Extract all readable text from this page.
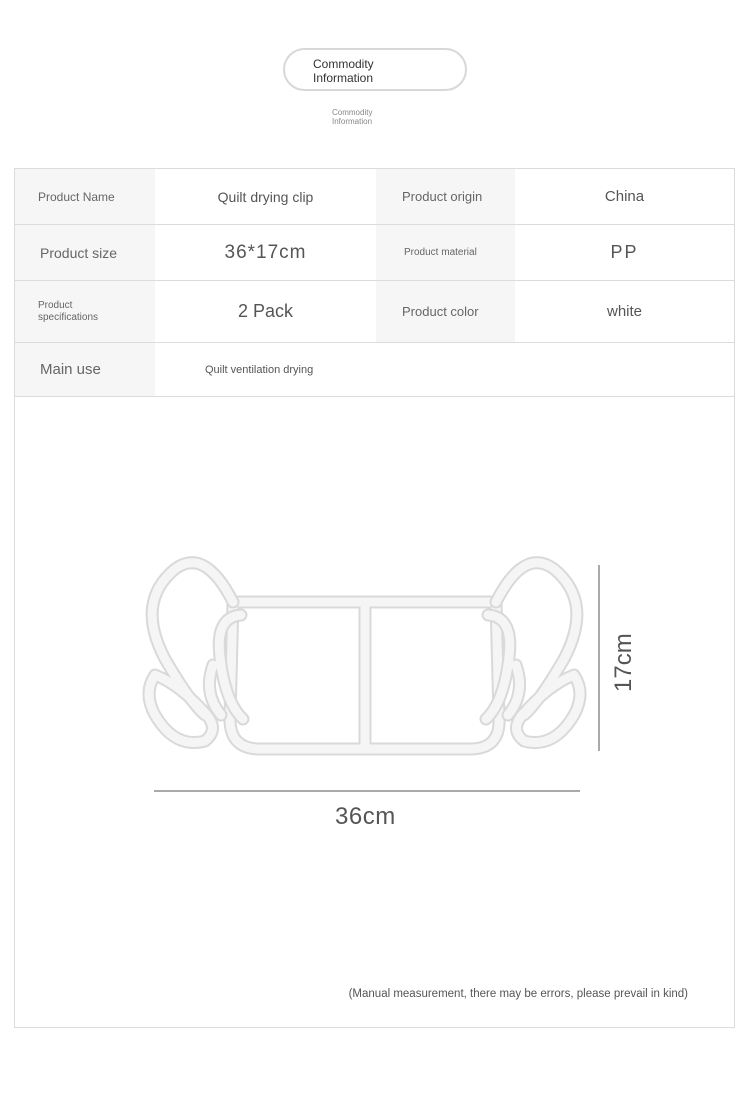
Commodity Information
Commodity Information
Product Name	Quilt drying clip	Product origin	China
Product size	36*17cm	Product material	PP
Product specifications	2 Pack	Product color	white
Main use	Quilt ventilation drying
36cm
17cm
(Manual measurement, there may be errors, please prevail in kind)
